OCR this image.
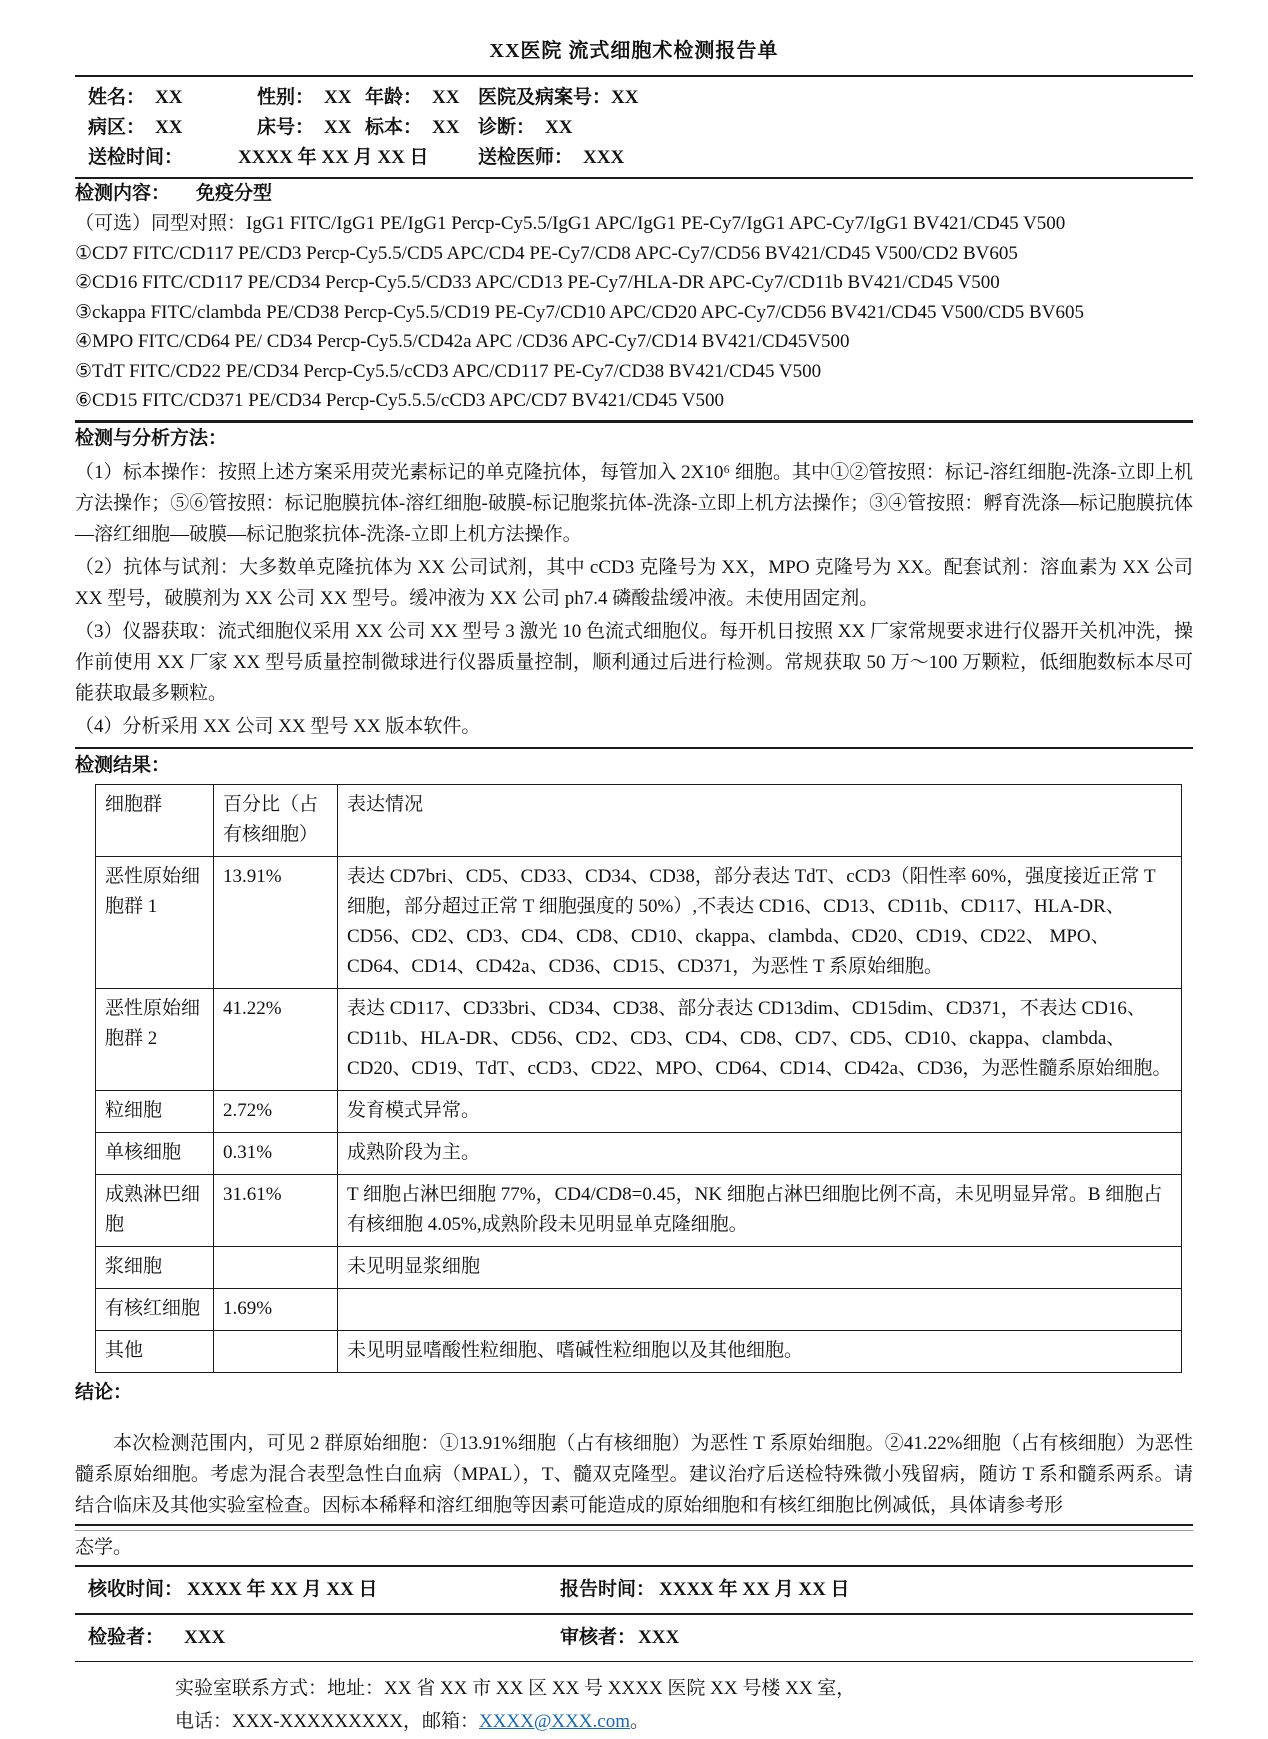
XX医院 流式细胞术检测报告单
姓名： XX	性别： XX 年龄： XX 医院及病案号：XX
病区： XX	床号： XX 标本： XX 诊断： XX
送检时间：	XXXX 年 XX 月 XX 日	送检医师： XXX

检测内容： 免疫分型

（可选）同型对照：IgG1 FITC/IgG1 PE/IgG1 Percp-Cy5.5/IgG1 APC/IgG1 PE-Cy7/IgG1 APC-Cy7/IgG1 BV421/CD45 V500

①CD7 FITC/CD117 PE/CD3 Percp-Cy5.5/CD5 APC/CD4 PE-Cy7/CD8 APC-Cy7/CD56 BV421/CD45 V500/CD2 BV605

②CD16 FITC/CD117 PE/CD34 Percp-Cy5.5/CD33 APC/CD13 PE-Cy7/HLA-DR APC-Cy7/CD11b BV421/CD45 V500

③ckappa FITC/clambda PE/CD38 Percp-Cy5.5/CD19 PE-Cy7/CD10 APC/CD20 APC-Cy7/CD56 BV421/CD45 V500/CD5 BV605

④MPO FITC/CD64 PE/ CD34 Percp-Cy5.5/CD42a APC /CD36 APC-Cy7/CD14 BV421/CD45V500

⑤TdT FITC/CD22 PE/CD34 Percp-Cy5.5/cCD3 APC/CD117 PE-Cy7/CD38 BV421/CD45 V500

⑥CD15 FITC/CD371 PE/CD34 Percp-Cy5.5.5/cCD3 APC/CD7 BV421/CD45 V500

检测与分析方法：

（1）标本操作：按照上述方案采用荧光素标记的单克隆抗体，每管加入 2X10⁶ 细胞。其中①②管按照：标记-溶红细胞-洗涤-立即上机方法操作；⑤⑥管按照：标记胞膜抗体-溶红细胞-破膜-标记胞浆抗体-洗涤-立即上机方法操作；③④管按照：孵育洗涤—标记胞膜抗体—溶红细胞—破膜—标记胞浆抗体-洗涤-立即上机方法操作。

（2）抗体与试剂：大多数单克隆抗体为 XX 公司试剂，其中 cCD3 克隆号为 XX，MPO 克隆号为 XX。配套试剂：溶血素为 XX 公司 XX 型号，破膜剂为 XX 公司 XX 型号。缓冲液为 XX 公司 ph7.4 磷酸盐缓冲液。未使用固定剂。

（3）仪器获取：流式细胞仪采用 XX 公司 XX 型号 3 激光 10 色流式细胞仪。每开机日按照 XX 厂家常规要求进行仪器开关机冲洗，操作前使用 XX 厂家 XX 型号质量控制微球进行仪器质量控制，顺利通过后进行检测。常规获取 50 万～100 万颗粒，低细胞数标本尽可能获取最多颗粒。

（4）分析采用 XX 公司 XX 型号 XX 版本软件。

检测结果：

细胞群	百分比（占有核细胞）	表达情况
恶性原始细胞群 1	13.91%	表达 CD7bri、CD5、CD33、CD34、CD38，部分表达 TdT、cCD3（阳性率 60%，强度接近正常 T 细胞，部分超过正常 T 细胞强度的 50%）,不表达 CD16、CD13、CD11b、CD117、HLA-DR、CD56、CD2、CD3、CD4、CD8、CD10、ckappa、clambda、CD20、CD19、CD22、 MPO、CD64、CD14、CD42a、CD36、CD15、CD371，为恶性 T 系原始细胞。
恶性原始细胞群 2	41.22%	表达 CD117、CD33bri、CD34、CD38、部分表达 CD13dim、CD15dim、CD371，不表达 CD16、CD11b、HLA-DR、CD56、CD2、CD3、CD4、CD8、CD7、CD5、CD10、ckappa、clambda、CD20、CD19、TdT、cCD3、CD22、MPO、CD64、CD14、CD42a、CD36，为恶性髓系原始细胞。
粒细胞	2.72%	发育模式异常。
单核细胞	0.31%	成熟阶段为主。
成熟淋巴细胞	31.61%	T 细胞占淋巴细胞 77%，CD4/CD8=0.45，NK 细胞占淋巴细胞比例不高，未见明显异常。B 细胞占有核细胞 4.05%,成熟阶段未见明显单克隆细胞。
浆细胞		未见明显浆细胞
有核红细胞	1.69%	
其他		未见明显嗜酸性粒细胞、嗜碱性粒细胞以及其他细胞。

结论：

本次检测范围内，可见 2 群原始细胞：①13.91%细胞（占有核细胞）为恶性 T 系原始细胞。②41.22%细胞（占有核细胞）为恶性髓系原始细胞。考虑为混合表型急性白血病（MPAL），T、髓双克隆型。建议治疗后送检特殊微小残留病，随访 T 系和髓系两系。请结合临床及其他实验室检查。因标本稀释和溶红细胞等因素可能造成的原始细胞和有核红细胞比例减低，具体请参考形

态学。

核收时间： XXXX 年 XX 月 XX 日	报告时间： XXXX 年 XX 月 XX 日
检验者： XXX	审核者： XXX

实验室联系方式：地址：XX 省 XX 市 XX 区 XX 号 XXXX 医院 XX 号楼 XX 室，

电话：XXX-XXXXXXXXX，邮箱：XXXX@XXX.com。
